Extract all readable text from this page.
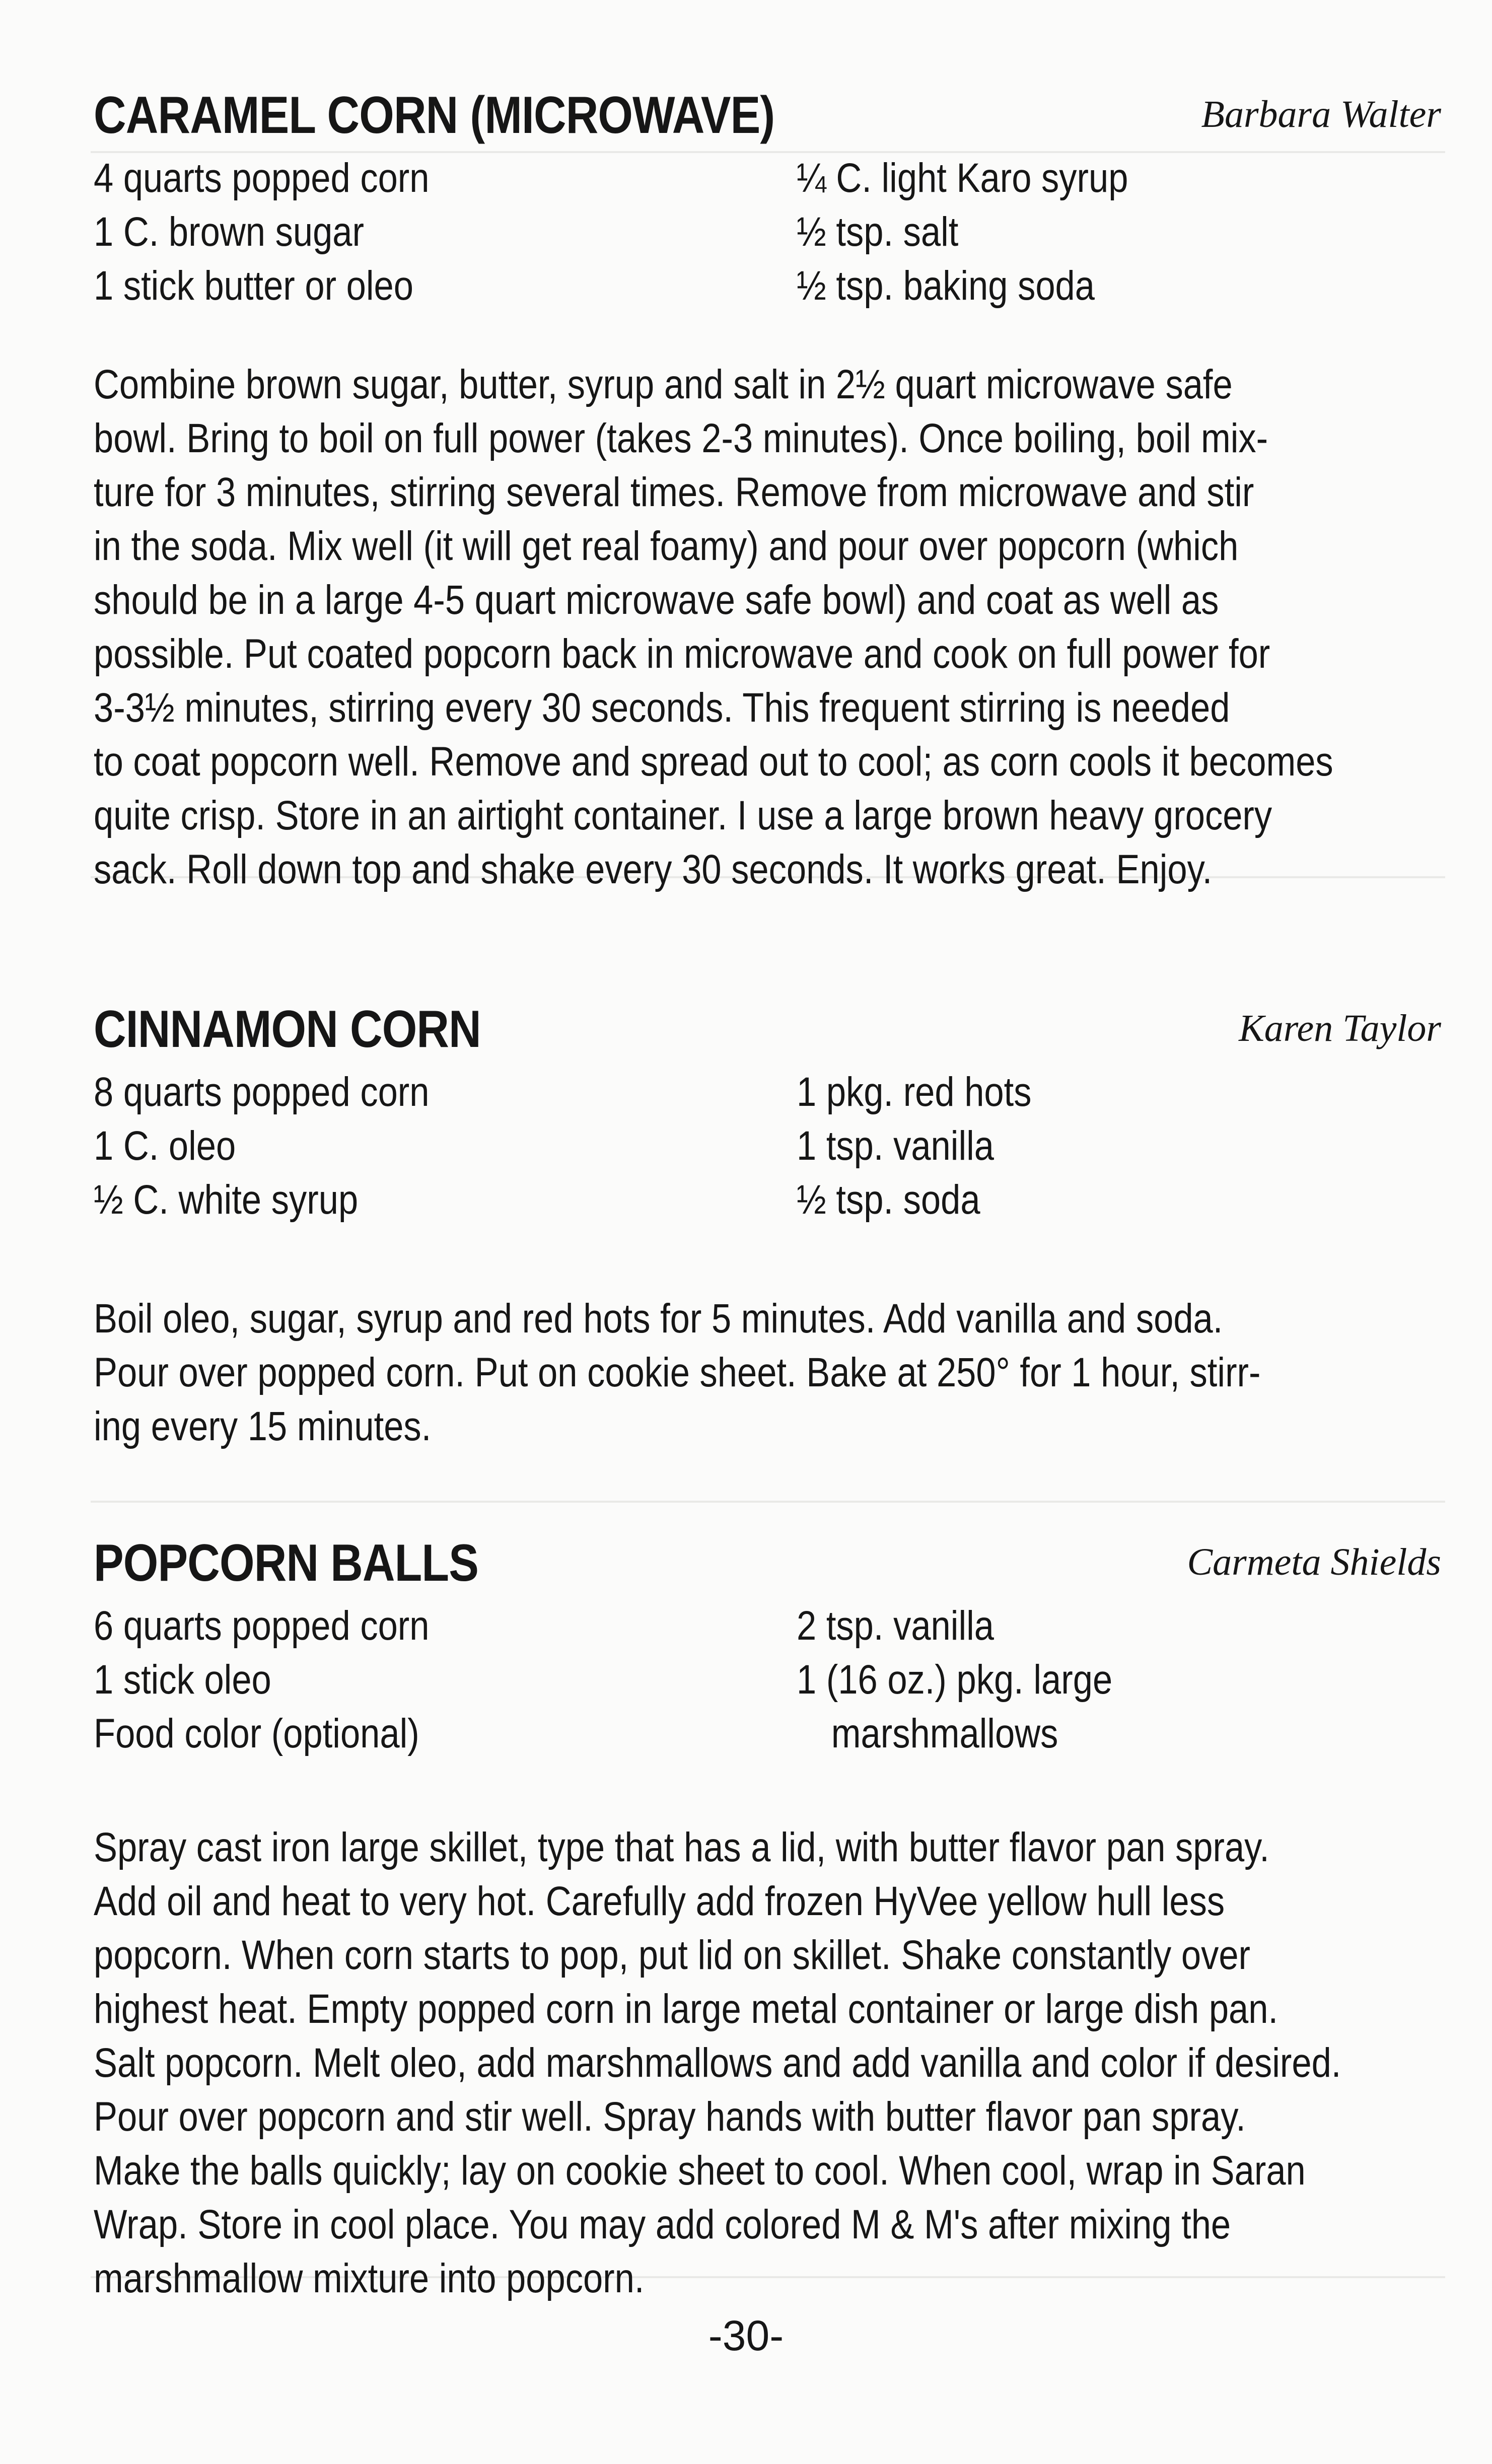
CARAMEL CORN (MICROWAVE)	Barbara Walter
4 quarts popped corn
1 C. brown sugar
1 stick butter or oleo
¼ C. light Karo syrup
½ tsp. salt
½ tsp. baking soda
Combine brown sugar, butter, syrup and salt in 2½ quart microwave safe
bowl. Bring to boil on full power (takes 2-3 minutes). Once boiling, boil mix-
ture for 3 minutes, stirring several times. Remove from microwave and stir
in the soda. Mix well (it will get real foamy) and pour over popcorn (which
should be in a large 4-5 quart microwave safe bowl) and coat as well as
possible. Put coated popcorn back in microwave and cook on full power for
3-3½ minutes, stirring every 30 seconds. This frequent stirring is needed
to coat popcorn well. Remove and spread out to cool; as corn cools it becomes
quite crisp. Store in an airtight container. I use a large brown heavy grocery
sack. Roll down top and shake every 30 seconds. It works great. Enjoy.
CINNAMON CORN	Karen Taylor
8 quarts popped corn
1 C. oleo
½ C. white syrup
1 pkg. red hots
1 tsp. vanilla
½ tsp. soda
Boil oleo, sugar, syrup and red hots for 5 minutes. Add vanilla and soda.
Pour over popped corn. Put on cookie sheet. Bake at 250° for 1 hour, stirr-
ing every 15 minutes.
POPCORN BALLS	Carmeta Shields
6 quarts popped corn
1 stick oleo
Food color (optional)
2 tsp. vanilla
1 (16 oz.) pkg. large
marshmallows
Spray cast iron large skillet, type that has a lid, with butter flavor pan spray.
Add oil and heat to very hot. Carefully add frozen HyVee yellow hull less
popcorn. When corn starts to pop, put lid on skillet. Shake constantly over
highest heat. Empty popped corn in large metal container or large dish pan.
Salt popcorn. Melt oleo, add marshmallows and add vanilla and color if desired.
Pour over popcorn and stir well. Spray hands with butter flavor pan spray.
Make the balls quickly; lay on cookie sheet to cool. When cool, wrap in Saran
Wrap. Store in cool place. You may add colored M & M's after mixing the
marshmallow mixture into popcorn.
-30-
